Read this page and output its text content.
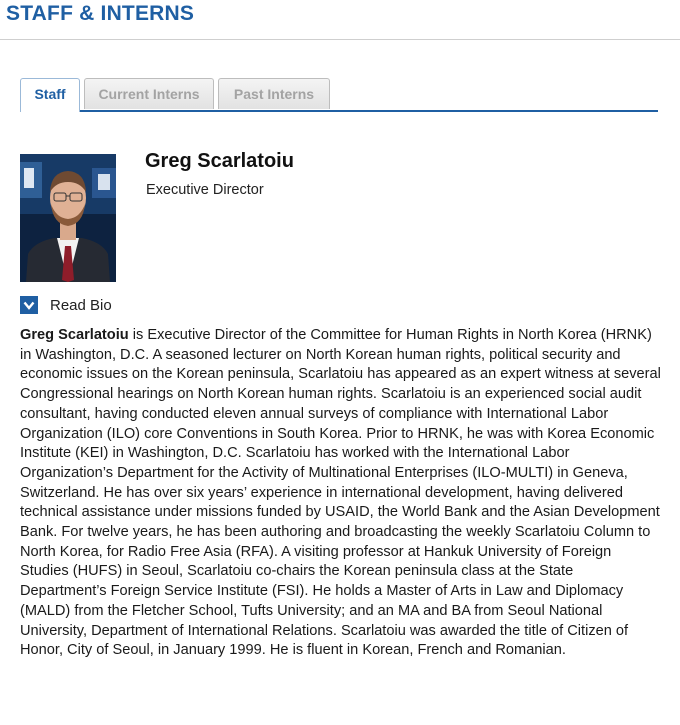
STAFF & INTERNS
Staff	Current Interns	Past Interns
Greg Scarlatoiu
Executive Director
Read Bio

Greg Scarlatoiu is Executive Director of the Committee for Human Rights in North Korea (HRNK) in Washington, D.C. A seasoned lecturer on North Korean human rights, political security and economic issues on the Korean peninsula, Scarlatoiu has appeared as an expert witness at several Congressional hearings on North Korean human rights. Scarlatoiu is an experienced social audit consultant, having conducted eleven annual surveys of compliance with International Labor Organization (ILO) core Conventions in South Korea. Prior to HRNK, he was with Korea Economic Institute (KEI) in Washington, D.C. Scarlatoiu has worked with the International Labor Organization’s Department for the Activity of Multinational Enterprises (ILO-MULTI) in Geneva, Switzerland. He has over six years’ experience in international development, having delivered technical assistance under missions funded by USAID, the World Bank and the Asian Development Bank. For twelve years, he has been authoring and broadcasting the weekly Scarlatoiu Column to North Korea, for Radio Free Asia (RFA). A visiting professor at Hankuk University of Foreign Studies (HUFS) in Seoul, Scarlatoiu co-chairs the Korean peninsula class at the State Department’s Foreign Service Institute (FSI). He holds a Master of Arts in Law and Diplomacy (MALD) from the Fletcher School, Tufts University; and an MA and BA from Seoul National University, Department of International Relations. Scarlatoiu was awarded the title of Citizen of Honor, City of Seoul, in January 1999. He is fluent in Korean, French and Romanian.
